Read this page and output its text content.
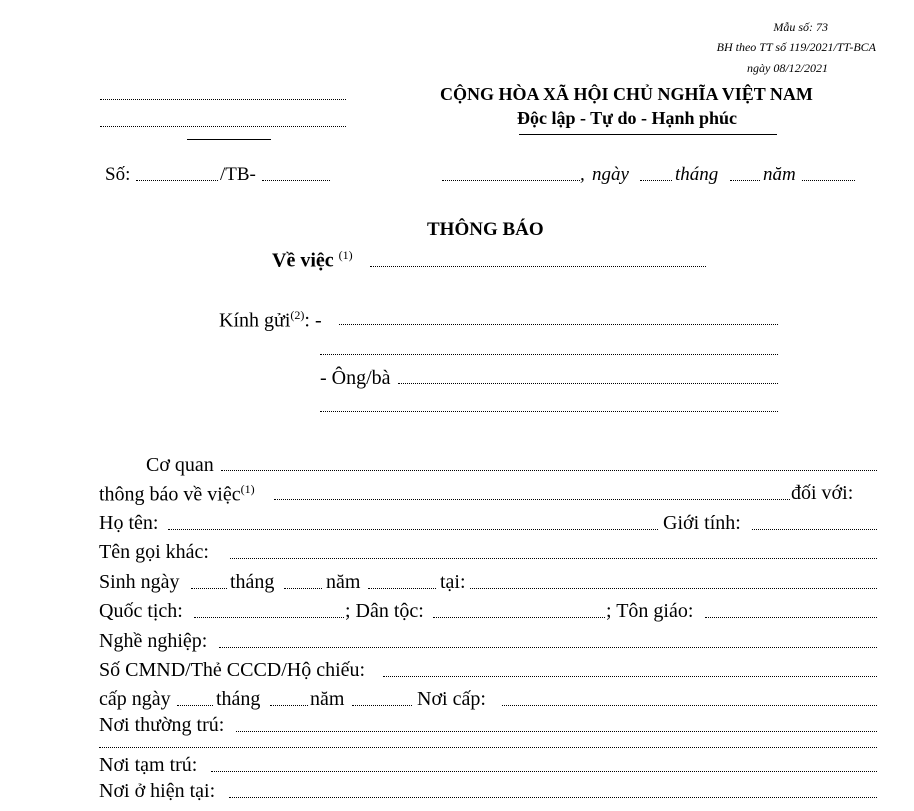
Mẫu số: 73
BH theo TT số 119/2021/TT-BCA
ngày 08/12/2021
CỘNG HÒA XÃ HỘI CHỦ NGHĨA VIỆT NAM
Độc lập - Tự do - Hạnh phúc
Số:	/TB-	, ngày tháng năm
THÔNG BÁO
Về việc $^{(1)}$
Kính gửi$^{(2)}$: -
- Ông/bà
Cơ quan
thông báo về việc$^{(1)}$	đối với:
Họ tên:	Giới tính:
Tên gọi khác:
Sinh ngày	tháng	năm	tại:
Quốc tịch:	; Dân tộc:	; Tôn giáo:
Nghề nghiệp:
Số CMND/Thẻ CCCD/Hộ chiếu:
cấp ngày tháng năm	Nơi cấp:
Nơi thường trú:
Nơi tạm trú:
Nơi ở hiện tại:
